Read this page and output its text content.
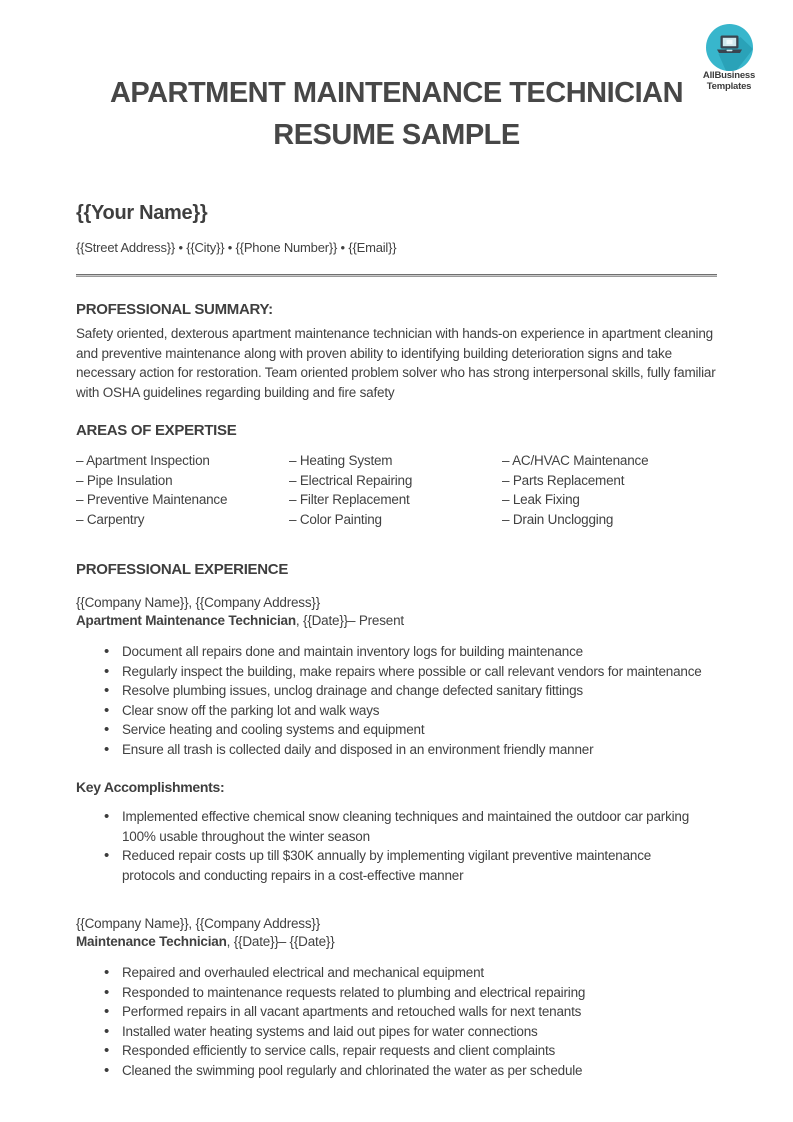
AllBusiness
Templates
APARTMENT MAINTENANCE TECHNICIAN
RESUME SAMPLE
{{Your Name}}
{{Street Address}} • {{City}} • {{Phone Number}} • {{Email}}
PROFESSIONAL SUMMARY:
Safety oriented, dexterous apartment maintenance technician with hands-on experience in apartment cleaning and preventive maintenance along with proven ability to identifying building deterioration signs and take necessary action for restoration. Team oriented problem solver who has strong interpersonal skills, fully familiar with OSHA guidelines regarding building and fire safety
AREAS OF EXPERTISE
– Apartment Inspection
– Pipe Insulation
– Preventive Maintenance
– Carpentry
– Heating System
– Electrical Repairing
– Filter Replacement
– Color Painting
– AC/HVAC Maintenance
– Parts Replacement
– Leak Fixing
– Drain Unclogging
PROFESSIONAL EXPERIENCE
{{Company Name}}, {{Company Address}}
Apartment Maintenance Technician, {{Date}}– Present
• Document all repairs done and maintain inventory logs for building maintenance
• Regularly inspect the building, make repairs where possible or call relevant vendors for maintenance
• Resolve plumbing issues, unclog drainage and change defected sanitary fittings
• Clear snow off the parking lot and walk ways
• Service heating and cooling systems and equipment
• Ensure all trash is collected daily and disposed in an environment friendly manner
Key Accomplishments:
• Implemented effective chemical snow cleaning techniques and maintained the outdoor car parking 100% usable throughout the winter season
• Reduced repair costs up till $30K annually by implementing vigilant preventive maintenance protocols and conducting repairs in a cost-effective manner
{{Company Name}}, {{Company Address}}
Maintenance Technician, {{Date}}– {{Date}}
• Repaired and overhauled electrical and mechanical equipment
• Responded to maintenance requests related to plumbing and electrical repairing
• Performed repairs in all vacant apartments and retouched walls for next tenants
• Installed water heating systems and laid out pipes for water connections
• Responded efficiently to service calls, repair requests and client complaints
• Cleaned the swimming pool regularly and chlorinated the water as per schedule
